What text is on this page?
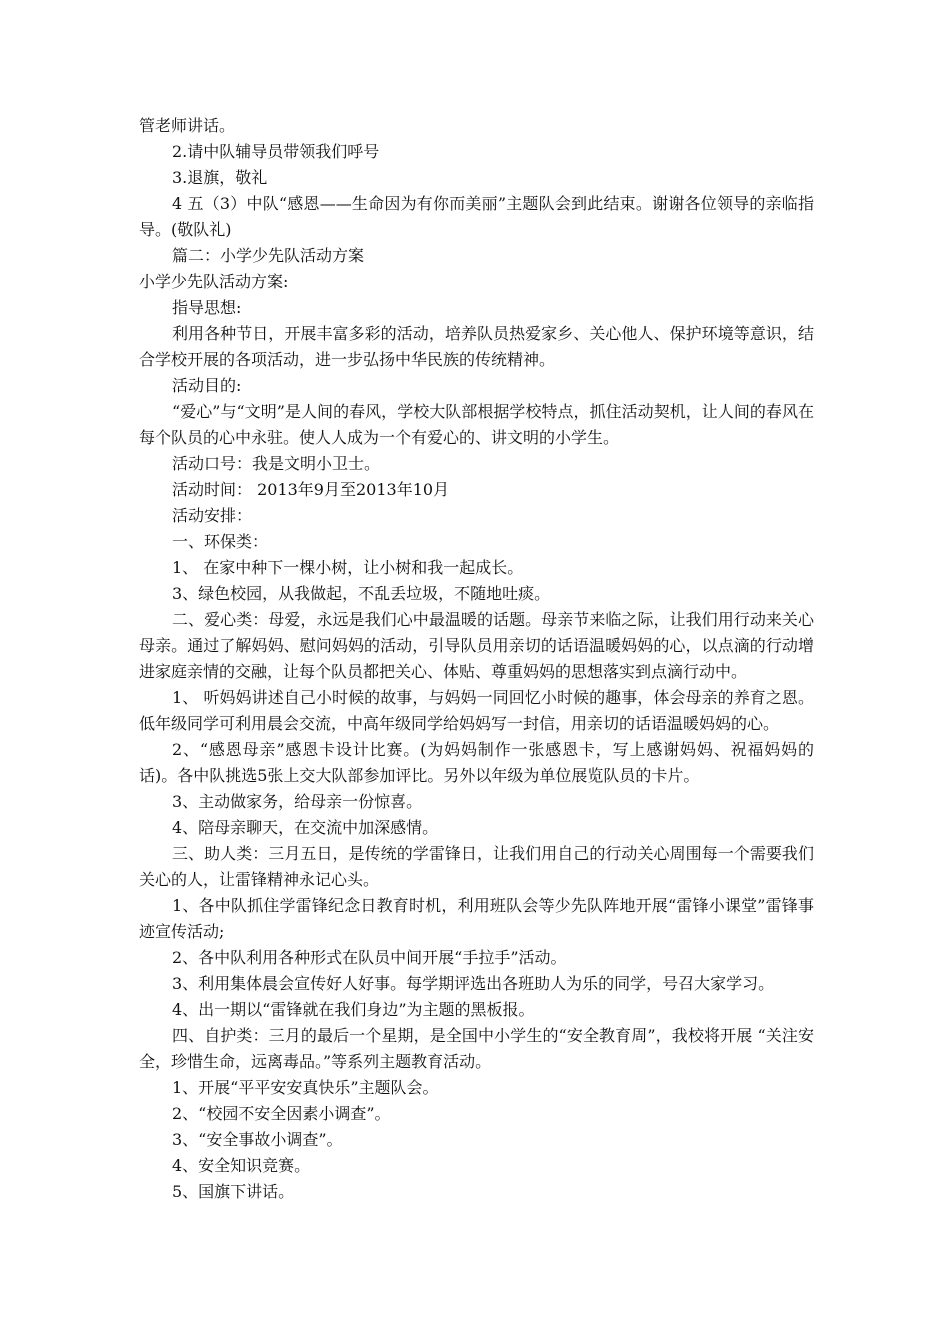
管老师讲话。

2.请中队辅导员带领我们呼号

3.退旗，敬礼

4 五（3）中队“感恩——生命因为有你而美丽”主题队会到此结束。谢谢各位领导的亲临指导。(敬队礼)

篇二：小学少先队活动方案

小学少先队活动方案:

指导思想:

利用各种节日，开展丰富多彩的活动，培养队员热爱家乡、关心他人、保护环境等意识，结合学校开展的各项活动，进一步弘扬中华民族的传统精神。

活动目的:

“爱心”与“文明”是人间的春风，学校大队部根据学校特点，抓住活动契机，让人间的春风在每个队员的心中永驻。使人人成为一个有爱心的、讲文明的小学生。

活动口号：我是文明小卫士。

活动时间： 2013年9月至2013年10月

活动安排：

一、环保类：

1、 在家中种下一棵小树，让小树和我一起成长。

3、绿色校园，从我做起，不乱丢垃圾，不随地吐痰。

二、爱心类：母爱，永远是我们心中最温暖的话题。母亲节来临之际，让我们用行动来关心母亲。通过了解妈妈、慰问妈妈的活动，引导队员用亲切的话语温暖妈妈的心，以点滴的行动增进家庭亲情的交融，让每个队员都把关心、体贴、尊重妈妈的思想落实到点滴行动中。

1、 听妈妈讲述自己小时候的故事，与妈妈一同回忆小时候的趣事，体会母亲的养育之恩。低年级同学可利用晨会交流，中高年级同学给妈妈写一封信，用亲切的话语温暖妈妈的心。

2、“感恩母亲”感恩卡设计比赛。(为妈妈制作一张感恩卡，写上感谢妈妈、祝福妈妈的话)。各中队挑选5张上交大队部参加评比。另外以年级为单位展览队员的卡片。

3、主动做家务，给母亲一份惊喜。

4、陪母亲聊天，在交流中加深感情。

三、助人类：三月五日，是传统的学雷锋日，让我们用自己的行动关心周围每一个需要我们关心的人，让雷锋精神永记心头。

1、各中队抓住学雷锋纪念日教育时机，利用班队会等少先队阵地开展“雷锋小课堂”雷锋事迹宣传活动;

2、各中队利用各种形式在队员中间开展“手拉手”活动。

3、利用集体晨会宣传好人好事。每学期评选出各班助人为乐的同学，号召大家学习。

4、出一期以“雷锋就在我们身边”为主题的黑板报。

四、自护类：三月的最后一个星期，是全国中小学生的“安全教育周”，我校将开展 “关注安全，珍惜生命，远离毒品。”等系列主题教育活动。

1、开展“平平安安真快乐”主题队会。

2、“校园不安全因素小调查”。

3、“安全事故小调查”。

4、安全知识竞赛。

5、国旗下讲话。
